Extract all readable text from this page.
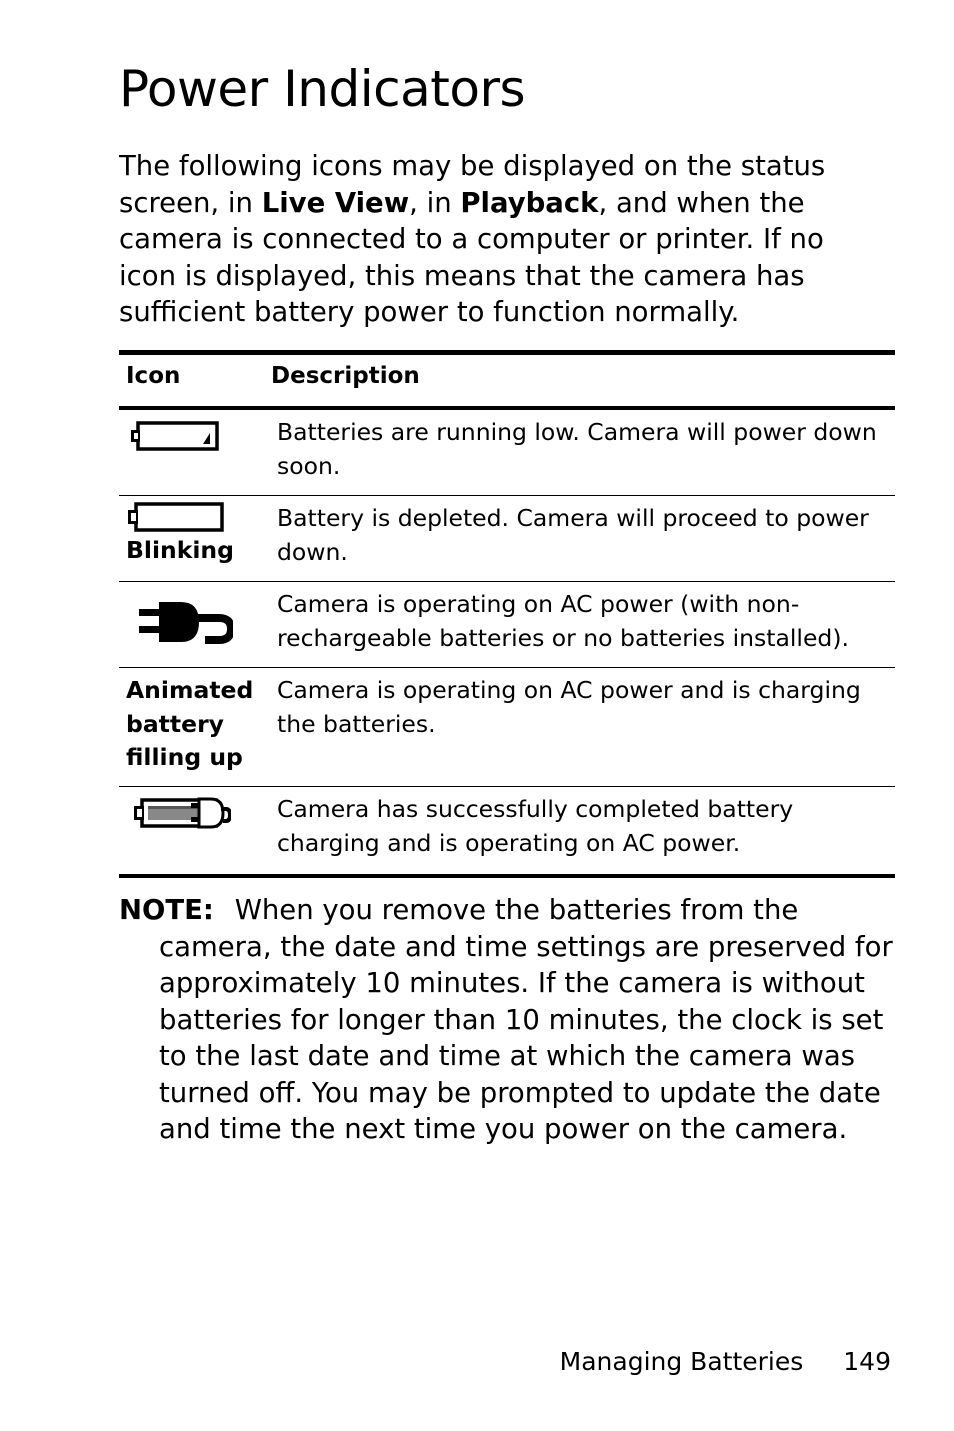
Power Indicators

The following icons may be displayed on the status screen, in Live View, in Playback, and when the camera is connected to a computer or printer. If no icon is displayed, this means that the camera has sufficient battery power to function normally.

Icon	Description
Batteries are running low. Camera will power down soon.
Blinking
Battery is depleted. Camera will proceed to power down.
Camera is operating on AC power (with non-rechargeable batteries or no batteries installed).
Animated battery filling up
Camera is operating on AC power and is charging the batteries.
Camera has successfully completed battery charging and is operating on AC power.
NOTE: When you remove the batteries from the camera, the date and time settings are preserved for approximately 10 minutes. If the camera is without batteries for longer than 10 minutes, the clock is set to the last date and time at which the camera was turned off. You may be prompted to update the date and time the next time you power on the camera.
Managing Batteries 149
